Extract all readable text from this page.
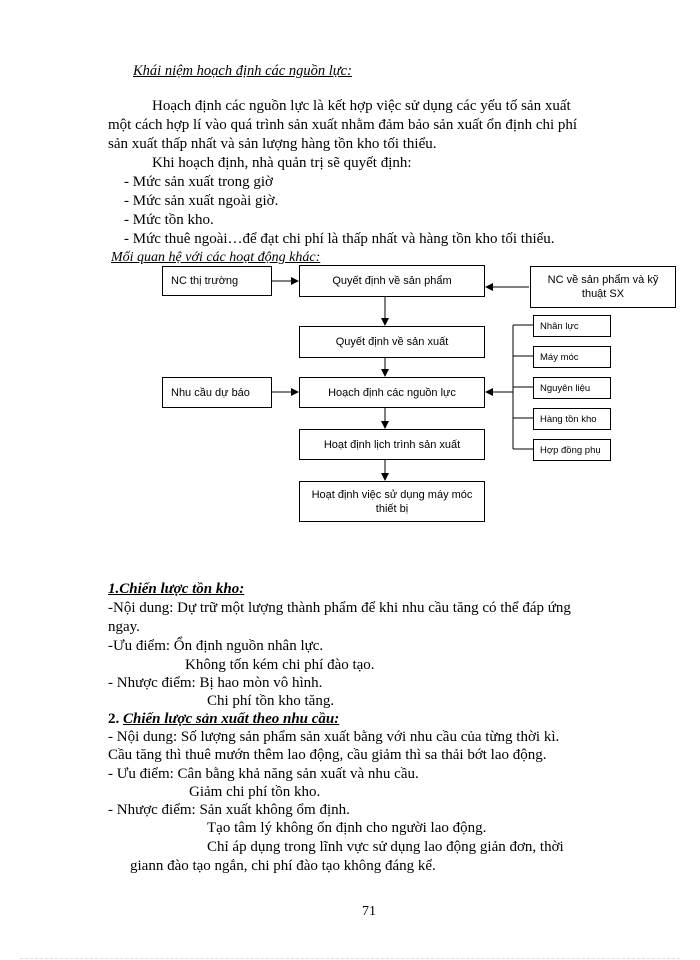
Khái niệm hoạch định các nguồn lực:
Hoạch định các nguồn lực là kết hợp việc sử dụng các yếu tố sản xuất
một cách hợp lí vào quá trình sản xuất nhằm đảm bảo sản xuất ổn định chi phí
sản xuất thấp nhất và sản lượng hàng tồn kho tối thiểu.
Khi hoạch định, nhà quản trị sẽ quyết định:
- Mức sản xuất trong giờ
- Mức sản xuất ngoài giờ.
- Mức tồn kho.
- Mức thuê ngoài…để đạt chi phí là thấp nhất và hàng tồn kho tối thiểu.
Mối quan hệ với các hoạt động khác:
NC thị trường	Quyết định về sản phẩm	NC về sản phẩm và kỹ thuật SX
Quyết định về sản xuất
Nhu cầu dự báo	Hoạch định các nguồn lực
Hoạt định lịch trình sản xuất
Hoạt định việc sử dụng máy móc thiết bị
Nhân lực
Máy móc
Nguyên liệu
Hàng tồn kho
Hợp đồng phụ
1.Chiến lược tồn kho:
-Nội dung: Dự trữ một lượng thành phẩm để khi nhu cầu tăng có thể đáp ứng
ngay.
-Ưu điểm: Ổn định nguồn nhân lực.
Không tốn kém chi phí đào tạo.
- Nhược điểm: Bị hao mòn vô hình.
Chi phí tồn kho tăng.
2. Chiến lược sản xuất theo nhu cầu:
- Nội dung: Số lượng sản phẩm sản xuất bằng với nhu cầu của từng thời kì.
Cầu tăng thì thuê mướn thêm lao động, cầu giảm thì sa thải bớt lao động.
- Ưu điểm: Cân bằng khả năng sản xuất và nhu cầu.
Giảm chi phí tồn kho.
- Nhược điểm: Sản xuất không ổm định.
Tạo tâm lý không ổn định cho người lao động.
Chỉ áp dụng trong lĩnh vực sử dụng lao động giản đơn, thời
giann đào tạo ngắn, chi phí đào tạo không đáng kể.
71
